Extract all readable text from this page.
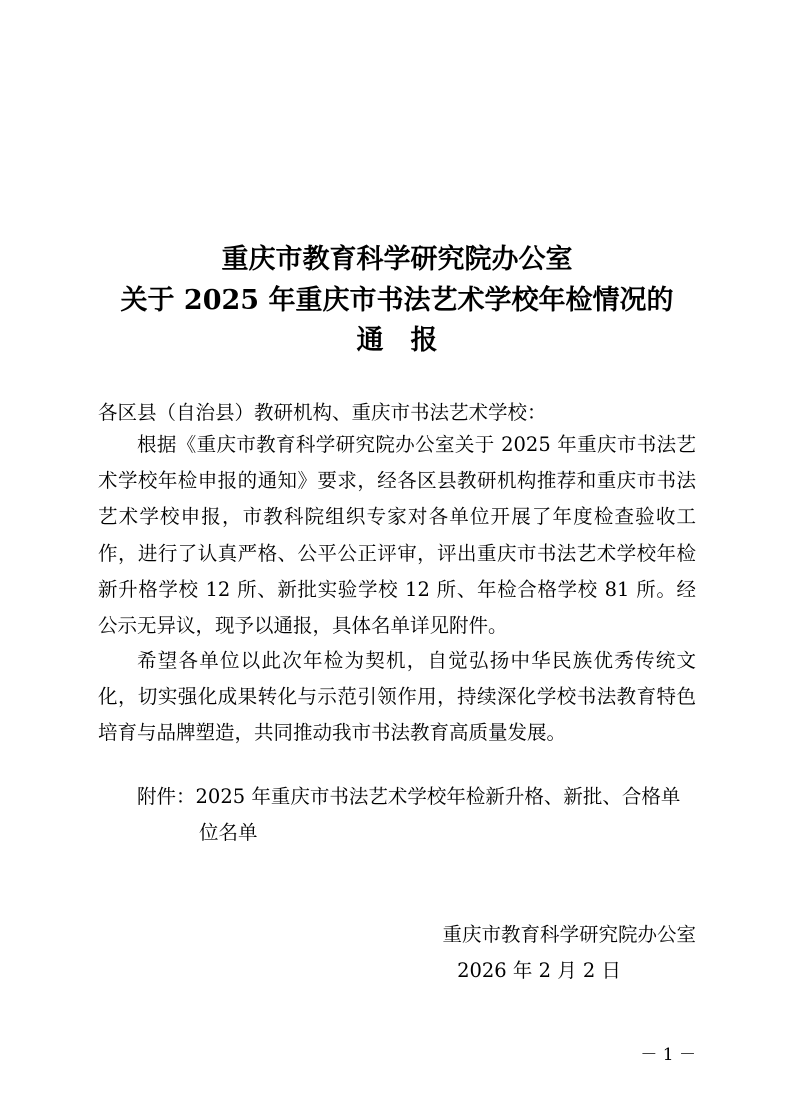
重庆市教育科学研究院办公室
关于 2025 年重庆市书法艺术学校年检情况的
通　报
各区县（自治县）教研机构、重庆市书法艺术学校：

根据《重庆市教育科学研究院办公室关于 2025 年重庆市书法艺术学校年检申报的通知》要求，经各区县教研机构推荐和重庆市书法艺术学校申报，市教科院组织专家对各单位开展了年度检查验收工作，进行了认真严格、公平公正评审，评出重庆市书法艺术学校年检新升格学校 12 所、新批实验学校 12 所、年检合格学校 81 所。经公示无异议，现予以通报，具体名单详见附件。

希望各单位以此次年检为契机，自觉弘扬中华民族优秀传统文化，切实强化成果转化与示范引领作用，持续深化学校书法教育特色培育与品牌塑造，共同推动我市书法教育高质量发展。

附件：2025 年重庆市书法艺术学校年检新升格、新批、合格单位名单

重庆市教育科学研究院办公室
2026 年 2 月 2 日
－ 1 －
